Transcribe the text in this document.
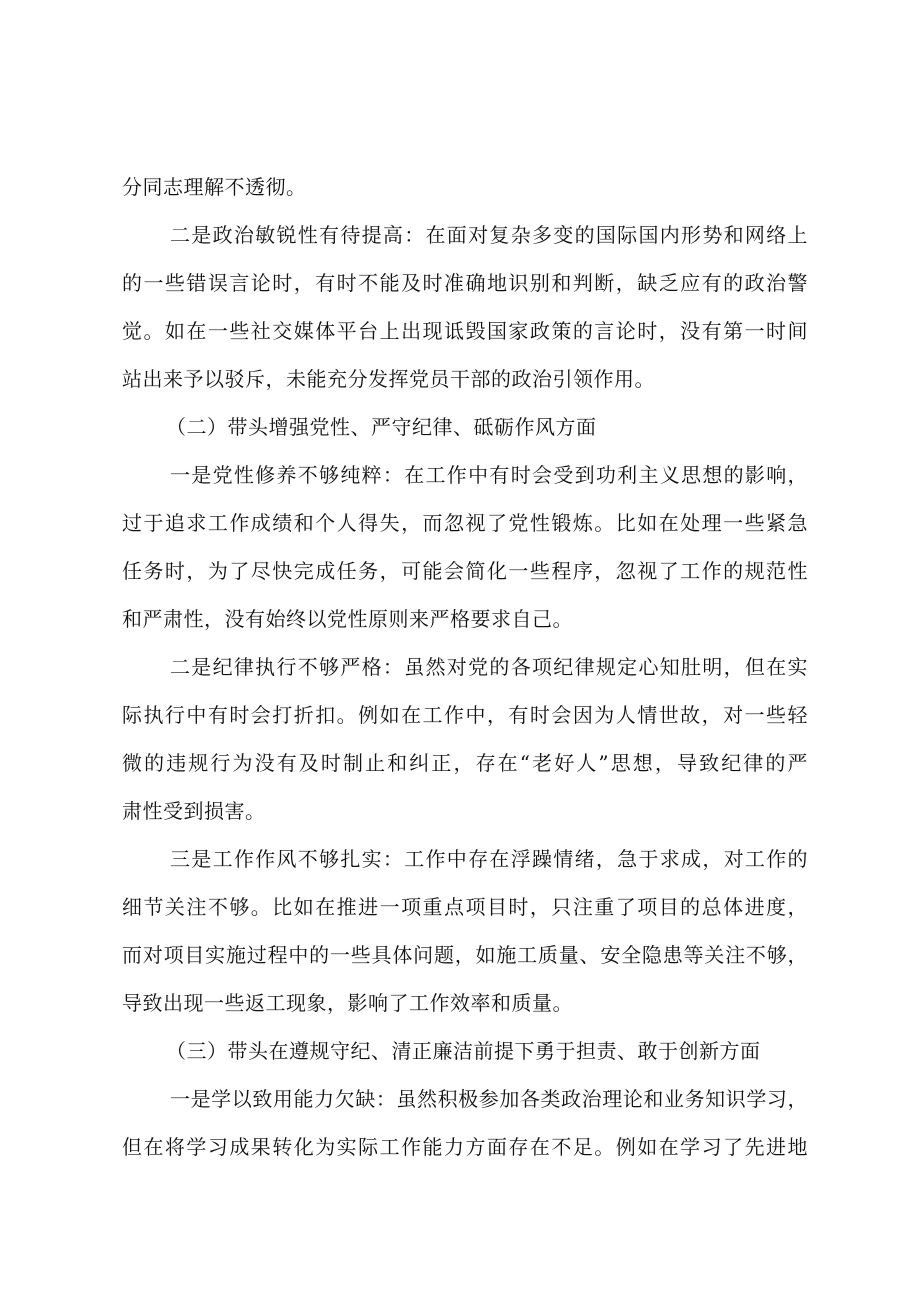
分同志理解不透彻。
二是政治敏锐性有待提高：在面对复杂多变的国际国内形势和网络上
的一些错误言论时，有时不能及时准确地识别和判断，缺乏应有的政治警
觉。如在一些社交媒体平台上出现诋毁国家政策的言论时，没有第一时间
站出来予以驳斥，未能充分发挥党员干部的政治引领作用。
（二）带头增强党性、严守纪律、砥砺作风方面
一是党性修养不够纯粹：在工作中有时会受到功利主义思想的影响，
过于追求工作成绩和个人得失，而忽视了党性锻炼。比如在处理一些紧急
任务时，为了尽快完成任务，可能会简化一些程序，忽视了工作的规范性
和严肃性，没有始终以党性原则来严格要求自己。
二是纪律执行不够严格：虽然对党的各项纪律规定心知肚明，但在实
际执行中有时会打折扣。例如在工作中，有时会因为人情世故，对一些轻
微的违规行为没有及时制止和纠正，存在“老好人”思想，导致纪律的严
肃性受到损害。
三是工作作风不够扎实：工作中存在浮躁情绪，急于求成，对工作的
细节关注不够。比如在推进一项重点项目时，只注重了项目的总体进度，
而对项目实施过程中的一些具体问题，如施工质量、安全隐患等关注不够，
导致出现一些返工现象，影响了工作效率和质量。
（三）带头在遵规守纪、清正廉洁前提下勇于担责、敢于创新方面
一是学以致用能力欠缺：虽然积极参加各类政治理论和业务知识学习，
但在将学习成果转化为实际工作能力方面存在不足。例如在学习了先进地
